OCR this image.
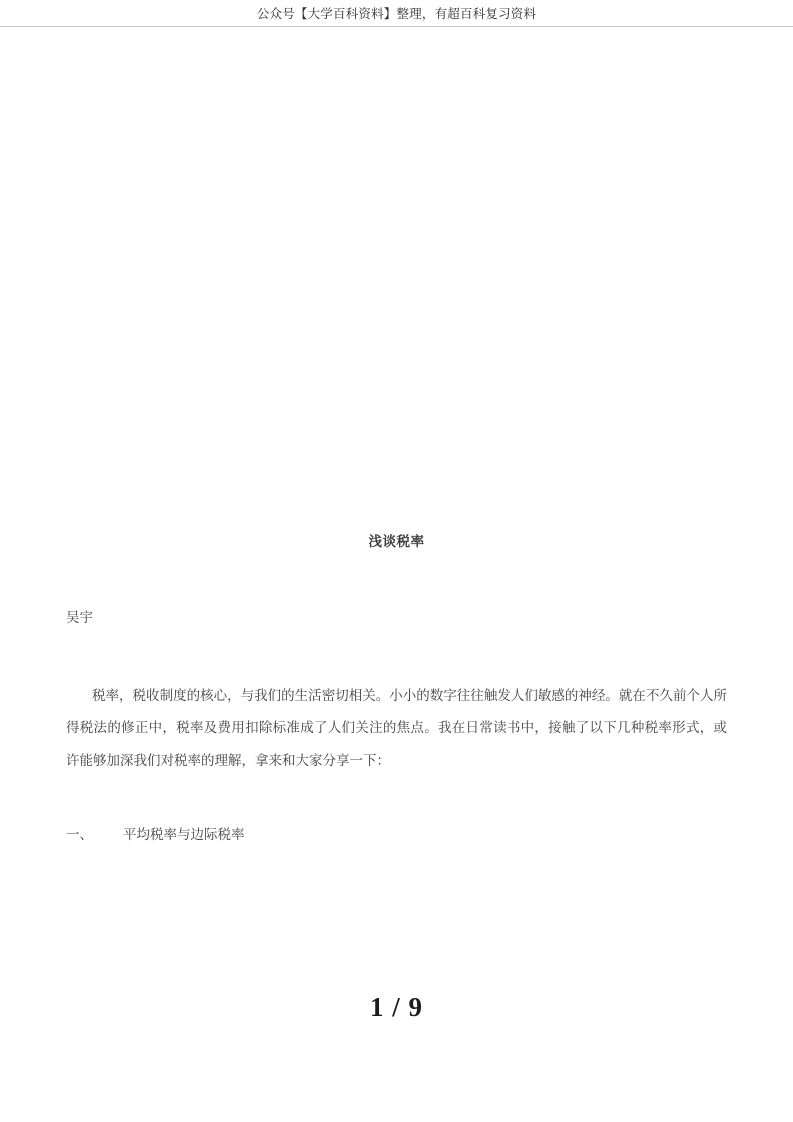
公众号【大学百科资料】整理，有超百科复习资料
浅谈税率
吴宇

税率，税收制度的核心，与我们的生活密切相关。小小的数字往往触发人们敏感的神经。就在不久前个人所得税法的修正中，税率及费用扣除标准成了人们关注的焦点。我在日常读书中，接触了以下几种税率形式，或许能够加深我们对税率的理解，拿来和大家分享一下：

一、 平均税率与边际税率
1 / 9
